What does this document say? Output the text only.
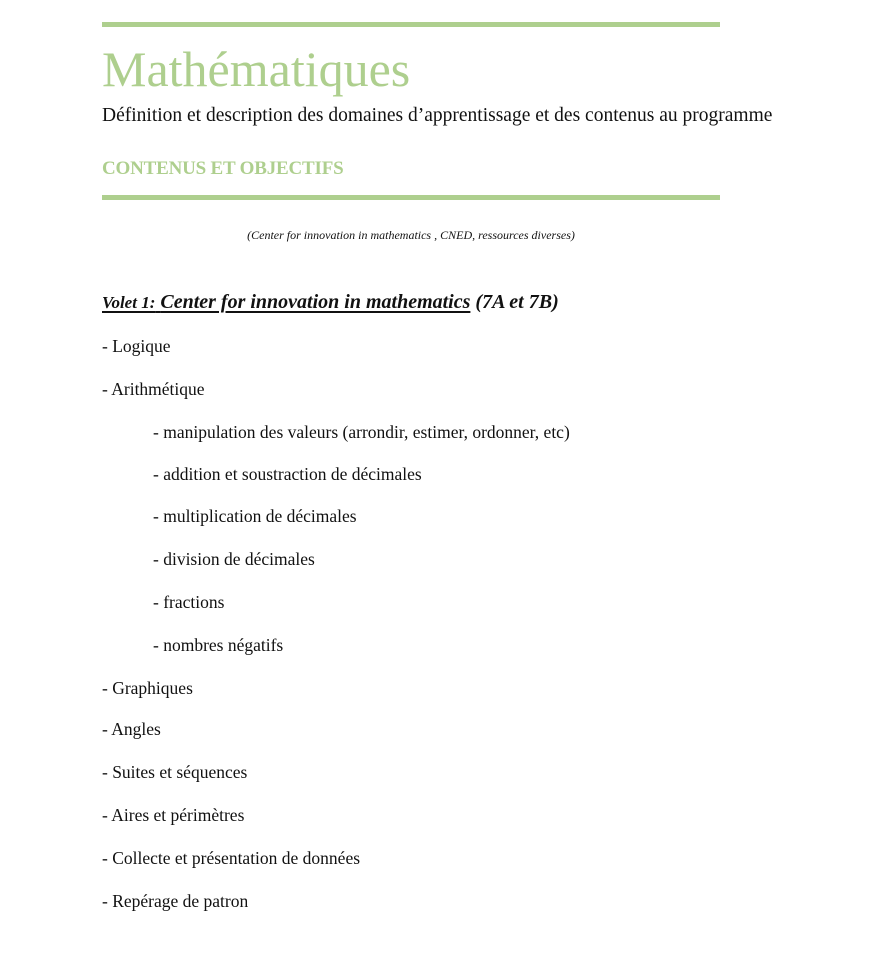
Mathématiques

Définition et description des domaines d’apprentissage et des contenus au programme

CONTENUS ET OBJECTIFS

(Center for innovation in mathematics , CNED, ressources diverses)

Volet 1: Center for innovation in mathematics (7A et 7B)

- Logique

- Arithmétique

- manipulation des valeurs (arrondir, estimer, ordonner, etc)

- addition et soustraction de décimales

- multiplication de décimales

- division de décimales

- fractions

- nombres négatifs

- Graphiques

- Angles

- Suites et séquences

- Aires et périmètres

- Collecte et présentation de données

- Repérage de patron
